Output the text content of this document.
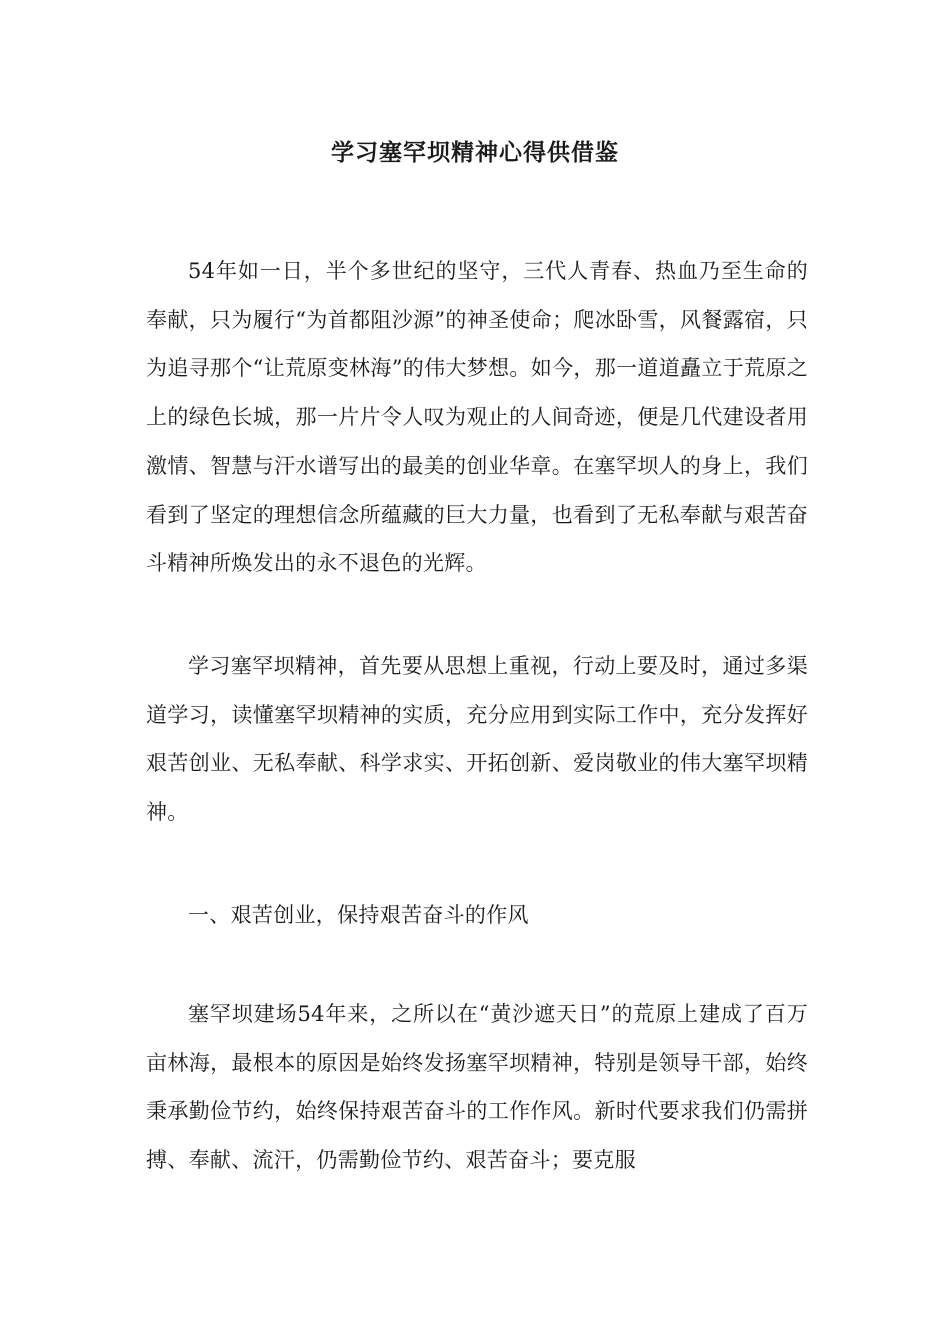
学习塞罕坝精神心得供借鉴

54年如一日，半个多世纪的坚守，三代人青春、热血乃至生命的奉献，只为履行“为首都阻沙源”的神圣使命；爬冰卧雪，风餐露宿，只为追寻那个“让荒原变林海”的伟大梦想。如今，那一道道矗立于荒原之上的绿色长城，那一片片令人叹为观止的人间奇迹，便是几代建设者用激情、智慧与汗水谱写出的最美的创业华章。在塞罕坝人的身上，我们看到了坚定的理想信念所蕴藏的巨大力量，也看到了无私奉献与艰苦奋斗精神所焕发出的永不退色的光辉。

学习塞罕坝精神，首先要从思想上重视，行动上要及时，通过多渠道学习，读懂塞罕坝精神的实质，充分应用到实际工作中，充分发挥好艰苦创业、无私奉献、科学求实、开拓创新、爱岗敬业的伟大塞罕坝精神。

一、艰苦创业，保持艰苦奋斗的作风

塞罕坝建场54年来，之所以在“黄沙遮天日”的荒原上建成了百万亩林海，最根本的原因是始终发扬塞罕坝精神，特别是领导干部，始终秉承勤俭节约，始终保持艰苦奋斗的工作作风。新时代要求我们仍需拼搏、奉献、流汗，仍需勤俭节约、艰苦奋斗；要克服
